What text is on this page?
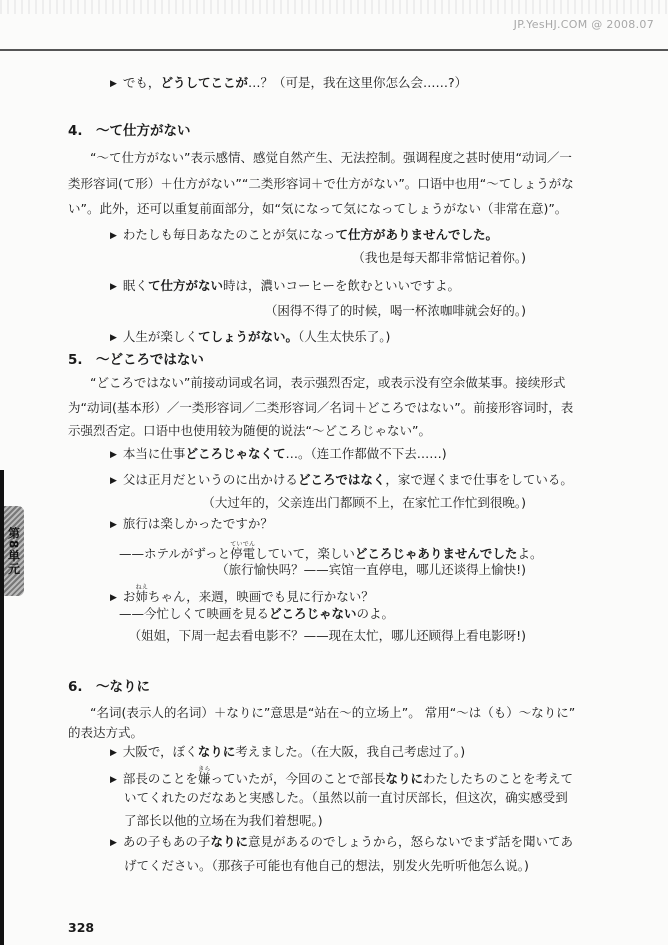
JP.YesHJ.COM @ 2008.07
第8単元
▶ でも，どうしてここが…？（可是，我在这里你怎么会……?）
4.　～て仕方がない
“～て仕方がない”表示感情、感觉自然产生、无法控制。强调程度之甚时使用“动词／一
类形容词(て形）＋仕方がない”“二类形容词＋で仕方がない”。口语中也用“～てしょうがな
い”。此外，还可以重复前面部分，如“気になって気になってしょうがない（非常在意)”。
▶ わたしも毎日あなたのことが気になって仕方がありませんでした。
（我也是每天都非常惦记着你。)
▶ 眠くて仕方がない時は，濃いコーヒーを飲むといいですよ。
（困得不得了的时候，喝一杯浓咖啡就会好的。)
▶ 人生が楽しくてしょうがない。（人生太快乐了。)
5.　～どころではない
“どころではない”前接动词或名词，表示强烈否定，或表示没有空余做某事。接续形式
为“动词(基本形）／一类形容词／二类形容词／名词＋どころではない”。前接形容词时，表
示强烈否定。口语中也使用较为随便的说法“～どころじゃない”。
▶ 本当に仕事どころじゃなくて…。（连工作都做不下去……)
▶ 父は正月だというのに出かけるどころではなく，家で遅くまで仕事をしている。
（大过年的，父亲连出门都顾不上，在家忙工作忙到很晚。)
▶ 旅行は楽しかったですか？
——ホテルがずっと停電ていでんしていて，楽しいどころじゃありませんでしたよ。
（旅行愉快吗？——宾馆一直停电，哪儿还谈得上愉快!)
▶ お姉ねえちゃん，来週，映画でも見に行かない？
——今忙しくて映画を見るどころじゃないのよ。
（姐姐，下周一起去看电影不？——现在太忙，哪儿还顾得上看电影呀!)
6.　～なりに
“名词(表示人的名词）＋なりに”意思是“站在～的立场上”。 常用“～は（も）～なりに”
的表达方式。
▶ 大阪で，ぼくなりに考えました。（在大阪，我自己考虑过了。)
▶ 部長のことを嫌きらっていたが，今回のことで部長なりにわたしたちのことを考えて
いてくれたのだなあと実感した。（虽然以前一直讨厌部长，但这次，确实感受到
了部长以他的立场在为我们着想呢。)
▶ あの子もあの子なりに意見があるのでしょうから，怒らないでまず話を聞いてあ
げてください。（那孩子可能也有他自己的想法，别发火先听听他怎么说。)
328
